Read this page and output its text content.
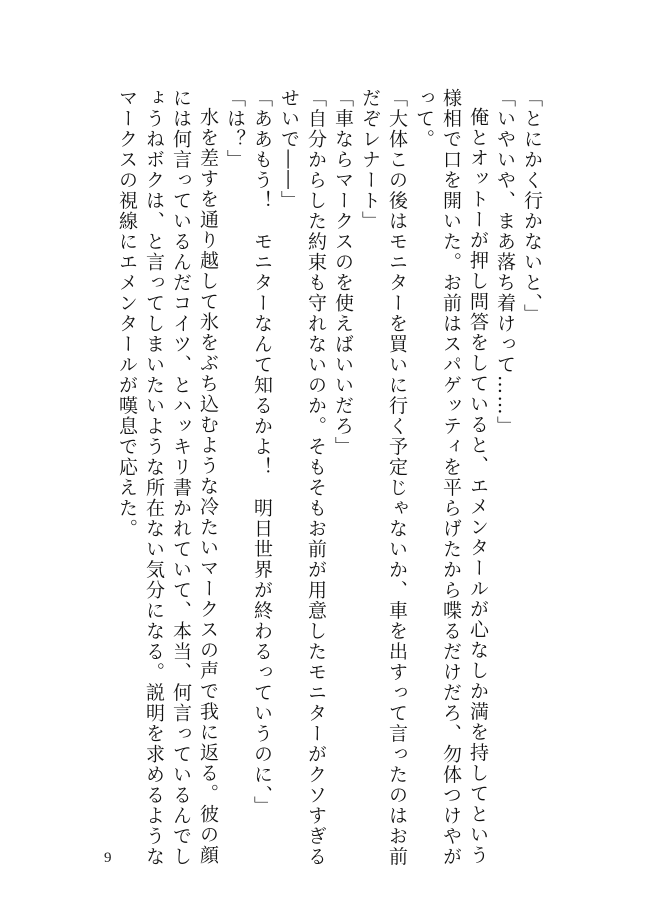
「とにかく行かないと、」
「いやいや、まあ落ち着けって……」
俺とオットーが押し問答をしていると、エメンタールが心なしか満を持してという
様相で口を開いた。お前はスパゲッティを平らげたから喋るだけだろ、勿体つけやが
って。
「大体この後はモニターを買いに行く予定じゃないか、車を出すって言ったのはお前
だぞレナート」
「車ならマークスのを使えばいいだろ」
「自分からした約束も守れないのか。そもそもお前が用意したモニターがクソすぎる
せいで――」
「ああもう！　モニターなんて知るかよ！　明日世界が終わるっていうのに、」
「は？」
水を差すを通り越して氷をぶち込むような冷たいマークスの声で我に返る。彼の顔
には何言っているんだコイツ、とハッキリ書かれていて、本当、何言っているんでし
ょうねボクは、と言ってしまいたいような所在ない気分になる。説明を求めるような
マークスの視線にエメンタールが嘆息で応えた。
9
